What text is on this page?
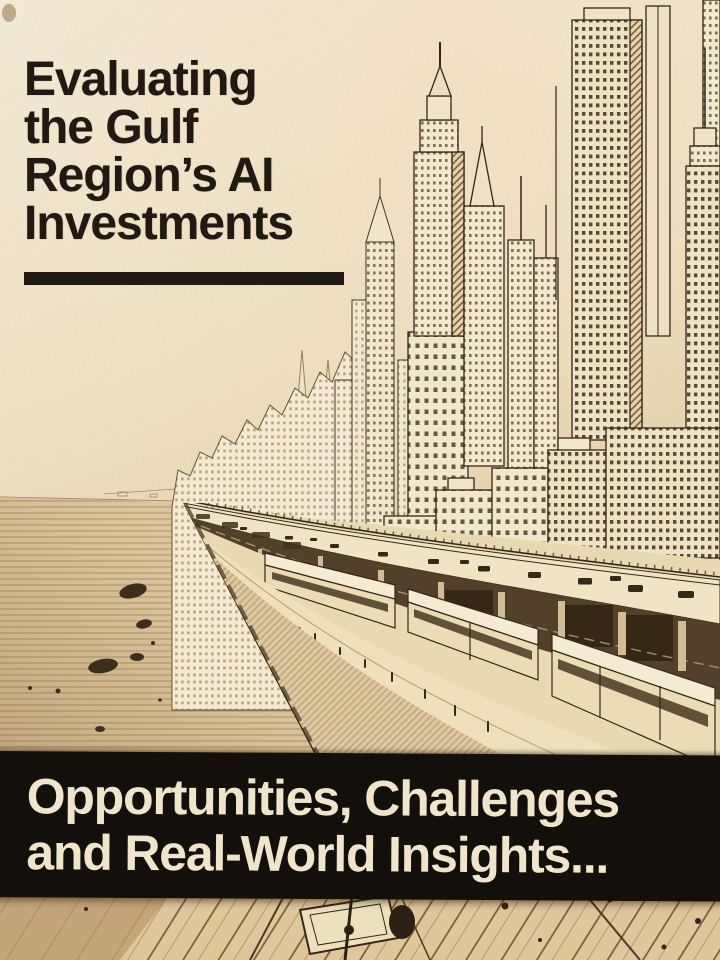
Evaluating
the Gulf
Region’s AI
Investments
Opportunities, Challenges
and Real-World Insights...
